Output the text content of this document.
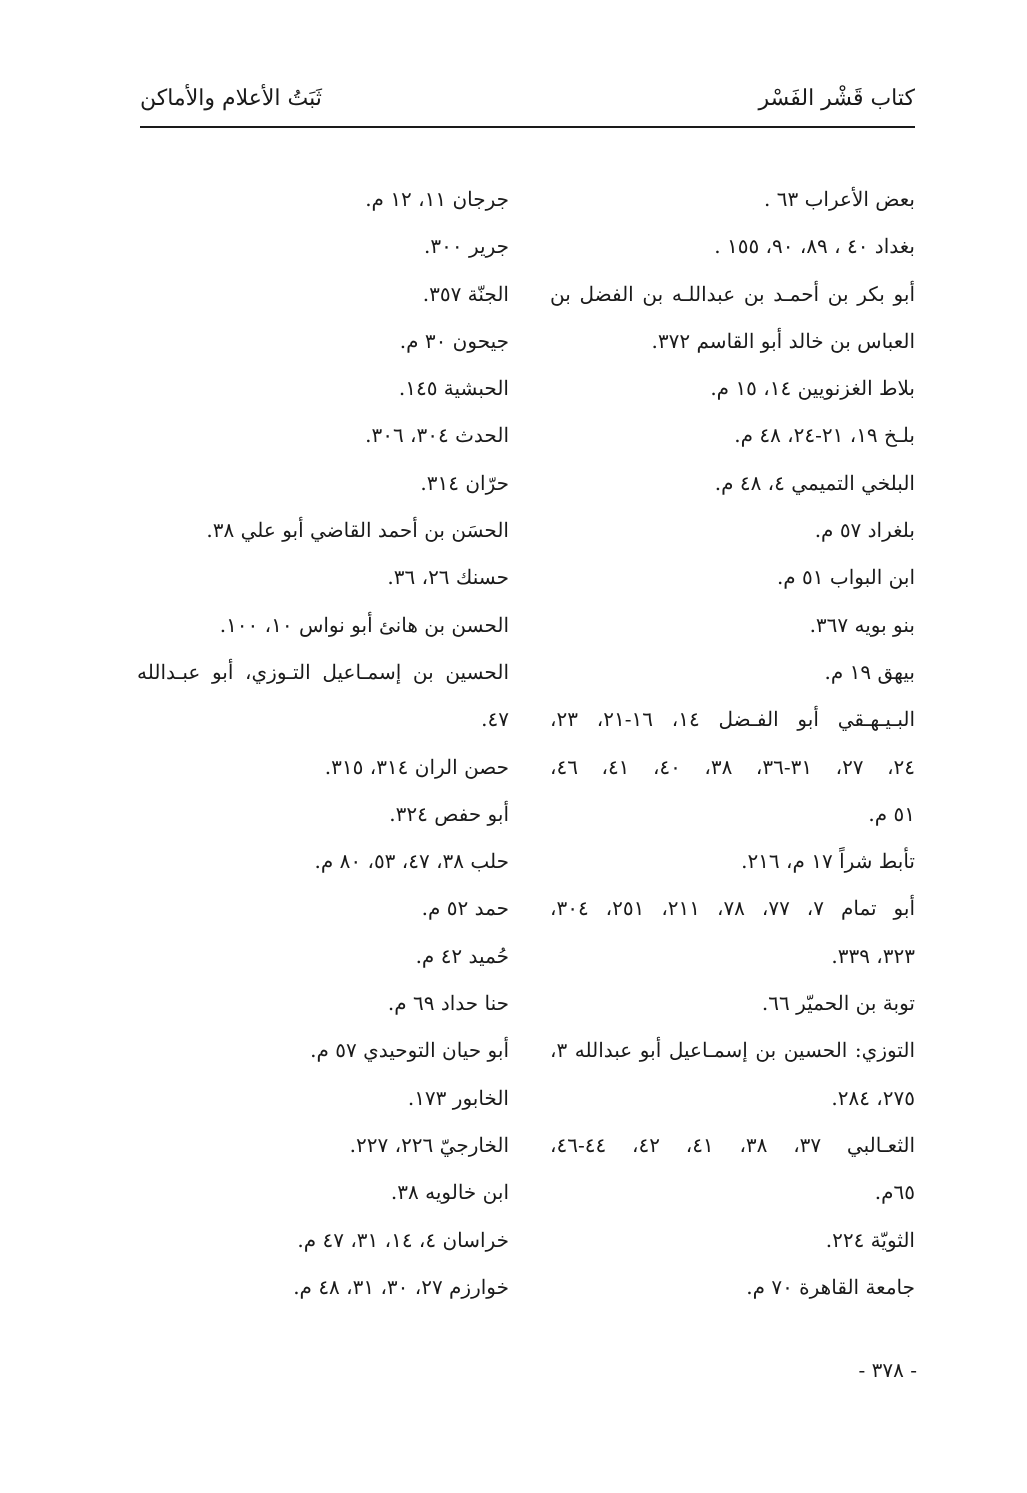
كتاب قَشْر الفَسْر
ثَبَتُ الأعلام والأماكن
بعض الأعراب ٦٣ .
بغداد ٤٠ ، ٨٩، ٩٠، ١٥٥ .
أبو بكر بن أحمـد بن عبداللـه بن الفضل بن
العباس بن خالد أبو القاسم ٣٧٢.
بلاط الغزنويين ١٤، ١٥ م.
بلـخ ١٩، ٢١-٢٤، ٤٨ م.
البلخي التميمي ٤، ٤٨ م.
بلغراد ٥٧ م.
ابن البواب ٥١ م.
بنو بويه ٣٦٧.
بيهق ١٩ م.
البـيـهـقي أبو الفـضل ١٤، ١٦-٢١، ٢٣،
٢٤، ٢٧، ٣١-٣٦، ٣٨، ٤٠، ٤١، ٤٦،
٥١ م.
تأبط شراً ١٧ م، ٢١٦.
أبو تمام ٧، ٧٧، ٧٨، ٢١١، ٢٥١، ٣٠٤،
٣٢٣، ٣٣٩.
توبة بن الحميّر ٦٦.
التوزي: الحسين بن إسمـاعيل أبو عبدالله ٣،
٢٧٥، ٢٨٤.
الثعـالبي ٣٧، ٣٨، ٤١، ٤٢، ٤٤-٤٦،
٦٥م.
الثويّة ٢٢٤.
جامعة القاهرة ٧٠ م.
جرجان ١١، ١٢ م.
جرير ٣٠٠.
الجنّة ٣٥٧.
جيحون ٣٠ م.
الحبشية ١٤٥.
الحدث ٣٠٤، ٣٠٦.
حرّان ٣١٤.
الحسَن بن أحمد القاضي أبو علي ٣٨.
حسنك ٢٦، ٣٦.
الحسن بن هانئ أبو نواس ١٠، ١٠٠.
الحسين بن إسمـاعيل التـوزي، أبو عبـدالله
٤٧.
حصن الران ٣١٤، ٣١٥.
أبو حفص ٣٢٤.
حلب ٣٨، ٤٧، ٥٣، ٨٠ م.
حمد ٥٢ م.
حُميد ٤٢ م.
حنا حداد ٦٩ م.
أبو حيان التوحيدي ٥٧ م.
الخابور ١٧٣.
الخارجيّ ٢٢٦، ٢٢٧.
ابن خالويه ٣٨.
خراسان ٤، ١٤، ٣١، ٤٧ م.
خوارزم ٢٧، ٣٠، ٣١، ٤٨ م.
- ٣٧٨ -
